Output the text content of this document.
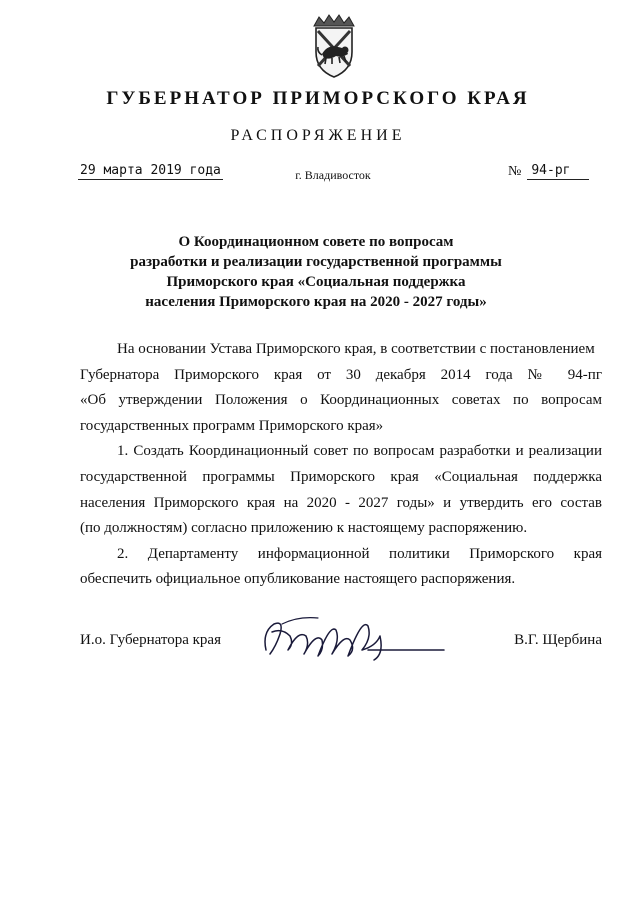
ГУБЕРНАТОР ПРИМОРСКОГО КРАЯ
РАСПОРЯЖЕНИЕ
29 марта 2019 года	г. Владивосток	№ 94-рг
О Координационном совете по вопросам
разработки и реализации государственной программы
Приморского края «Социальная поддержка
населения Приморского края на 2020 - 2027 годы»
На основании Устава Приморского края, в соответствии с постановлением
Губернатора Приморского края от 30 декабря 2014 года № 94-пг
«Об утверждении Положения о Координационных советах по вопросам
государственных программ Приморского края»
1. Создать Координационный совет по вопросам разработки и реализации
государственной программы Приморского края «Социальная поддержка
населения Приморского края на 2020 - 2027 годы» и утвердить его состав
(по должностям) согласно приложению к настоящему распоряжению.
2. Департаменту информационной политики Приморского края
обеспечить официальное опубликование настоящего распоряжения.
И.о. Губернатора края	В.Г. Щербина
